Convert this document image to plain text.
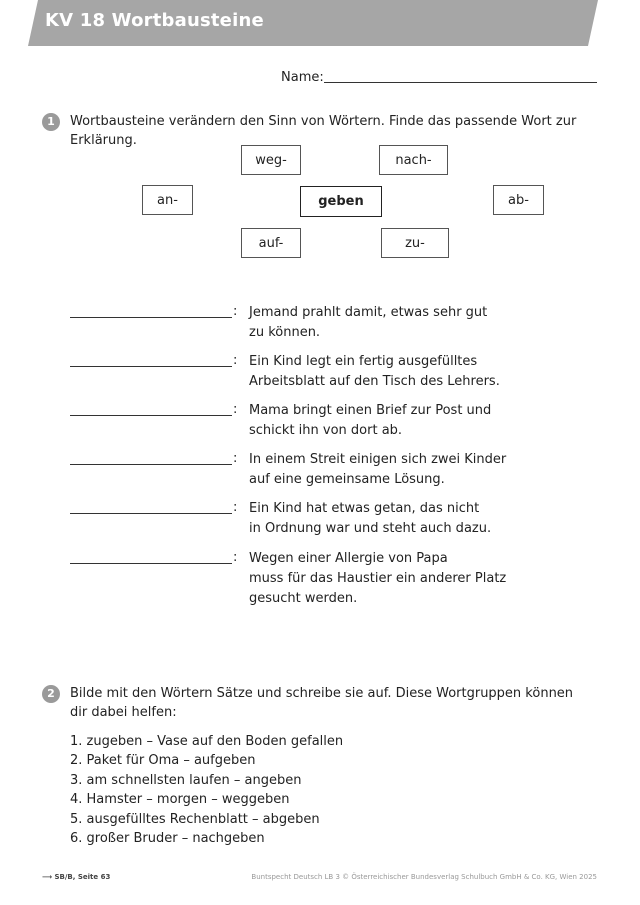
KV 18 Wortbausteine
Name:
1	Wortbausteine verändern den Sinn von Wörtern. Finde das passende Wort zur Erklärung.
weg-	nach-
an-	geben	ab-
auf-	zu-
: Jemand prahlt damit, etwas sehr gut
zu können.
: Ein Kind legt ein fertig ausgefülltes
Arbeitsblatt auf den Tisch des Lehrers.
: Mama bringt einen Brief zur Post und
schickt ihn von dort ab.
: In einem Streit einigen sich zwei Kinder
auf eine gemeinsame Lösung.
: Ein Kind hat etwas getan, das nicht
in Ordnung war und steht auch dazu.
: Wegen einer Allergie von Papa
muss für das Haustier ein anderer Platz
gesucht werden.
2	Bilde mit den Wörtern Sätze und schreibe sie auf. Diese Wortgruppen können
dir dabei helfen:
1. zugeben – Vase auf den Boden gefallen
2. Paket für Oma – aufgeben
3. am schnellsten laufen – angeben
4. Hamster – morgen – weggeben
5. ausgefülltes Rechenblatt – abgeben
6. großer Bruder – nachgeben
⟶ SB/B, Seite 63	Buntspecht Deutsch LB 3 © Österreichischer Bundesverlag Schulbuch GmbH & Co. KG, Wien 2025
